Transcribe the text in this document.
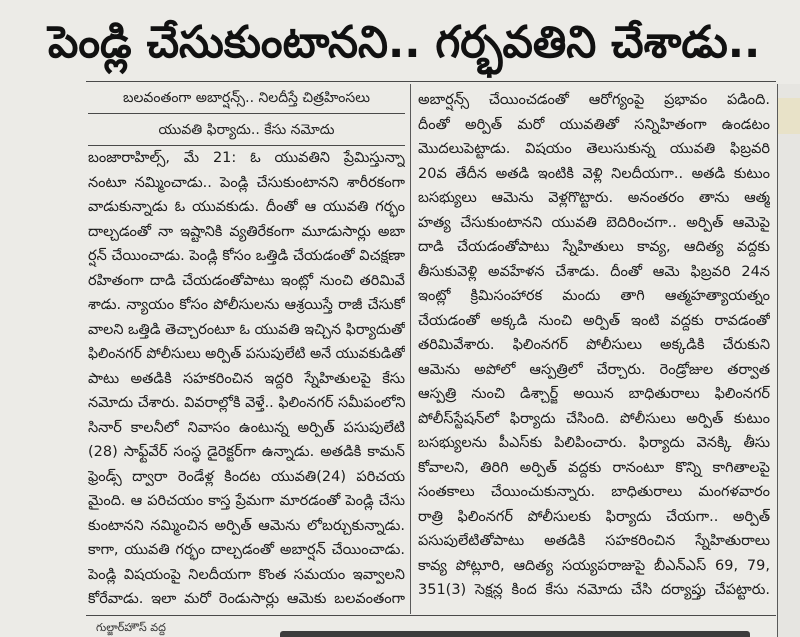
పెండ్లి చేసుకుంటానని.. గర్భవతిని చేశాడు..
బలవంతంగా అబార్షన్స్.. నిలదీస్తే చిత్రహింసలు
యువతి ఫిర్యాదు.. కేసు నమోదు
బంజారాహిల్స్, మే 21: ఓ యువతిని ప్రేమిస్తున్నా
నంటూ నమ్మించాడు.. పెండ్లి చేసుకుంటానని శారీరకంగా
వాడుకున్నాడు ఓ యువకుడు. దీంతో ఆ యువతి గర్భం
దాల్చడంతో నా ఇష్టానికి వ్యతిరేకంగా మూడుసార్లు అబా
ర్షన్ చేయించాడు. పెండ్లి కోసం ఒత్తిడి చేయడంతో విచక్షణా
రహితంగా దాడి చేయడంతోపాటు ఇంట్లో నుంచి తరిమివే
శాడు. న్యాయం కోసం పోలీసులను ఆశ్రయిస్తే రాజీ చేసుకో
వాలని ఒత్తిడి తెచ్చారంటూ ఓ యువతి ఇచ్చిన ఫిర్యాదుతో
ఫిలింనగర్ పోలీసులు అర్పిత్ పసుపులేటి అనే యువకుడితో
పాటు అతడికి సహకరించిన ఇద్దరి స్నేహితులపై కేసు
నమోదు చేశారు. వివరాల్లోకి వెళ్తే.. ఫిలింనగర్ సమీపంలోని
సినార్ కాలనీలో నివాసం ఉంటున్న అర్పిత్ పసుపులేటి
(28) సాఫ్ట్‌వేర్ సంస్థ డైరెక్టర్‌గా ఉన్నాడు. అతడికి కామన్
ఫ్రెండ్స్ ద్వారా రెండేళ్ల కిందట యువతి(24) పరిచయ
మైంది. ఆ పరిచయం కాస్త ప్రేమగా మారడంతో పెండ్లి చేసు
కుంటానని నమ్మించిన అర్పిత్ ఆమెను లోబర్చుకున్నాడు.
కాగా, యువతి గర్భం దాల్చడంతో అబార్షన్ చేయించాడు.
పెండ్లి విషయంపై నిలదీయగా కొంత సమయం ఇవ్వాలని
కోరేవాడు. ఇలా మరో రెండుసార్లు ఆమెకు బలవంతంగా
అబార్షన్స్ చేయించడంతో ఆరోగ్యంపై ప్రభావం పడింది.
దీంతో అర్పిత్ మరో యువతితో సన్నిహితంగా ఉండటం
మొదలుపెట్టాడు. విషయం తెలుసుకున్న యువతి ఫిబ్రవరి
20వ తేదీన అతడి ఇంటికి వెళ్లి నిలదీయగా.. అతడి కుటుం
బసభ్యులు ఆమెను వెళ్లగొట్టారు. అనంతరం తాను ఆత్మ
హత్య చేసుకుంటానని యువతి బెదిరించగా.. అర్పిత్ ఆమెపై
దాడి చేయడంతోపాటు స్నేహితులు కావ్య, ఆదిత్య వద్దకు
తీసుకువెళ్లి అవహేళన చేశాడు. దీంతో ఆమె ఫిబ్రవరి 24న
ఇంట్లో క్రిమిసంహారక మందు తాగి ఆత్మహత్యాయత్నం
చేయడంతో అక్కడి నుంచి అర్పిత్ ఇంటి వద్దకు రావడంతో
తరిమివేశారు. ఫిలింనగర్ పోలీసులు అక్కడికి చేరుకుని
ఆమెను అపోలో ఆస్పత్రిలో చేర్చారు. రెండ్రోజుల తర్వాత
ఆస్పత్రి నుంచి డిశ్చార్జ్ అయిన బాధితురాలు ఫిలింనగర్
పోలీస్‌స్టేషన్‌లో ఫిర్యాదు చేసింది. పోలీసులు అర్పిత్ కుటుం
బసభ్యులను పీఎస్‌కు పిలిపించారు. ఫిర్యాదు వెనక్కి తీసు
కోవాలని, తిరిగి అర్పిత్ వద్దకు రానంటూ కొన్ని కాగితాలపై
సంతకాలు చేయించుకున్నారు. బాధితురాలు మంగళవారం
రాత్రి ఫిలింనగర్ పోలీసులకు ఫిర్యాదు చేయగా.. అర్పిత్
పసుపులేటితోపాటు అతడికి సహకరించిన స్నేహితురాలు
కావ్య పోట్లూరి, ఆదిత్య సయ్యపరాజుపై బీఎన్ఎస్ 69, 79,
351(3) సెక్షన్ల కింద కేసు నమోదు చేసి దర్యాప్తు చేపట్టారు.
గుల్జార్‌హౌస్ వద్ద
